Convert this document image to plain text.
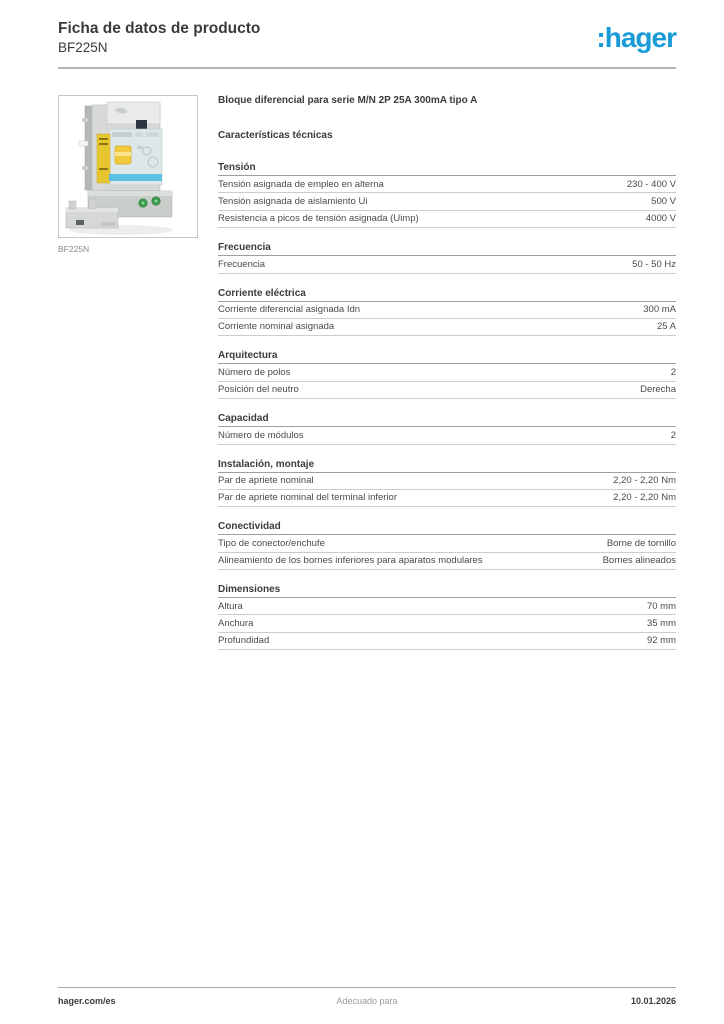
Ficha de datos de producto
BF225N	:hager
BF225N
Bloque diferencial para serie M/N 2P 25A 300mA tipo A
Características técnicas
Tensión
Tensión asignada de empleo en alterna	230 - 400 V
Tensión asignada de aislamiento Ui	500 V
Resistencia a picos de tensión asignada (Uimp)	4000 V
Frecuencia
Frecuencia	50 - 50 Hz
Corriente eléctrica
Corriente diferencial asignada Idn	300 mA
Corriente nominal asignada	25 A
Arquitectura
Número de polos	2
Posición del neutro	Derecha
Capacidad
Número de módulos	2
Instalación, montaje
Par de apriete nominal	2,20 - 2,20 Nm
Par de apriete nominal del terminal inferior	2,20 - 2,20 Nm
Conectividad
Tipo de conector/enchufe	Borne de tornillo
Alineamiento de los bornes inferiores para aparatos modulares	Bornes alineados
Dimensiones
Altura	70 mm
Anchura	35 mm
Profundidad	92 mm
hager.com/es	Adecuado para	10.01.2026
